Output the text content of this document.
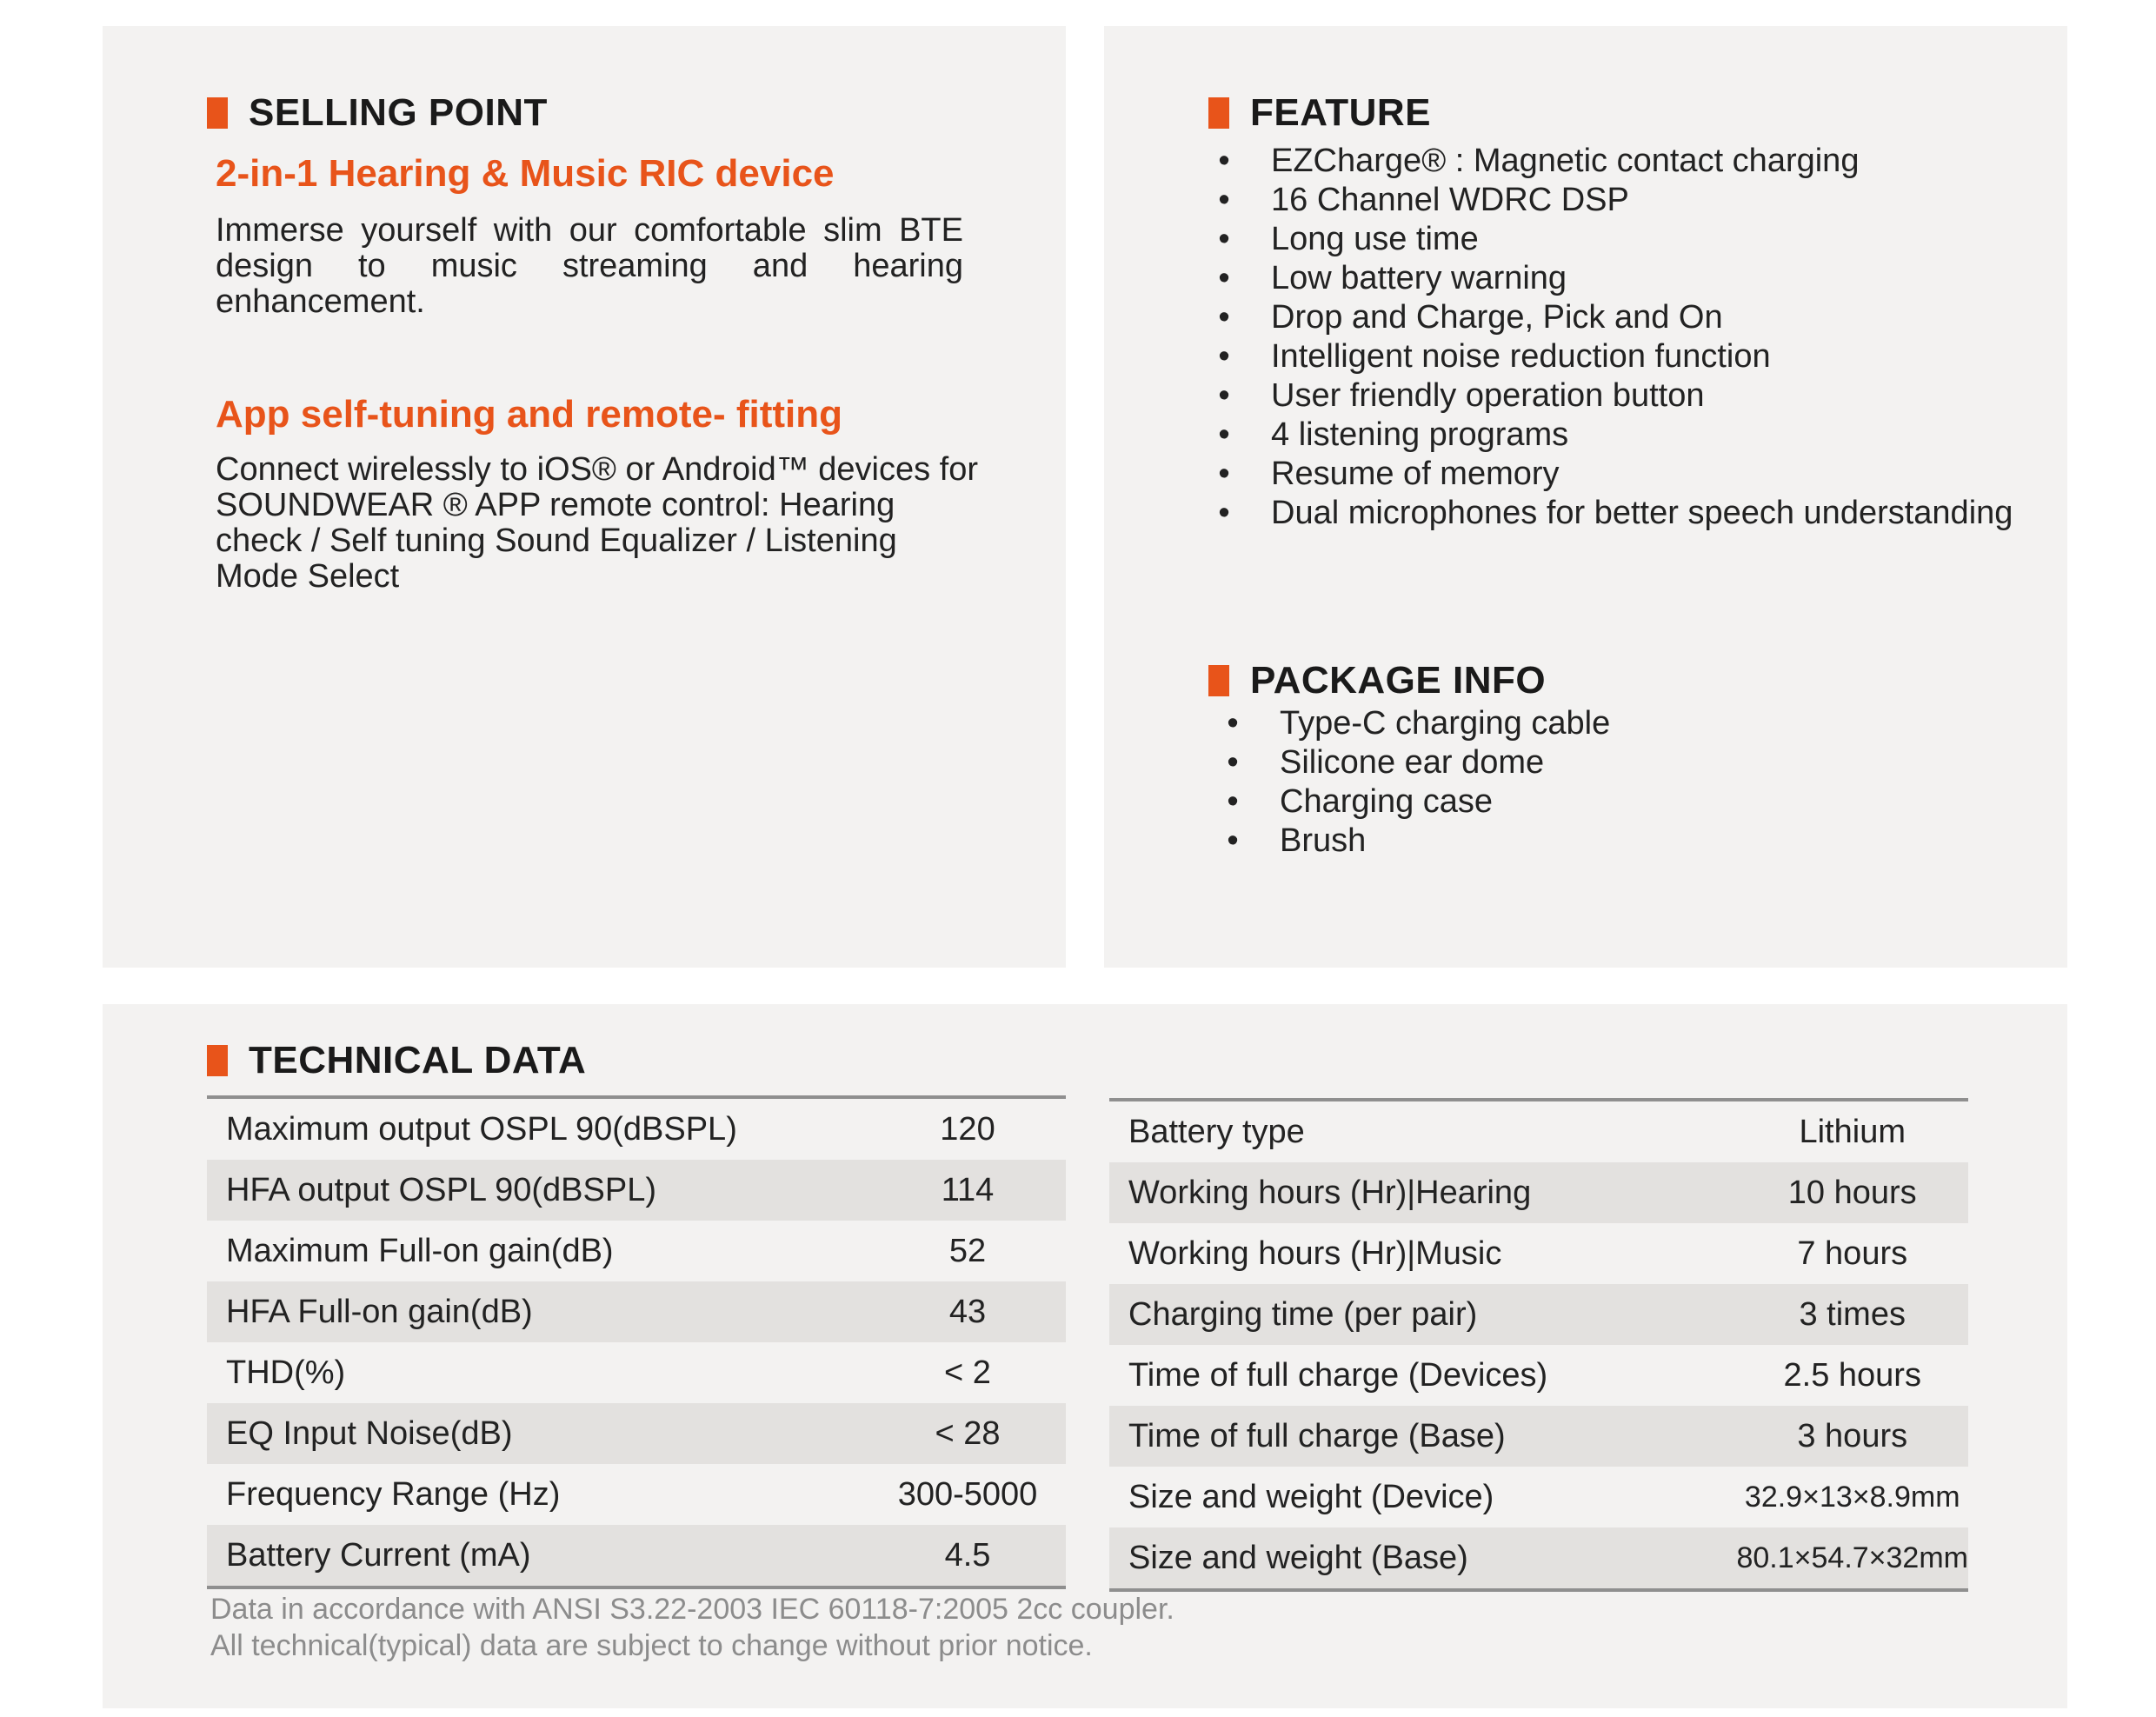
SELLING POINT
2-in-1 Hearing & Music RIC device
Immerse yourself with our comfortable slim BTE design to music streaming and hearing enhancement.
App self-tuning and remote- fitting
Connect wirelessly to iOS® or Android™ devices for SOUNDWEAR ® APP remote control: Hearing check / Self tuning Sound Equalizer / Listening Mode Select
FEATURE
• EZCharge® : Magnetic contact charging
• 16 Channel WDRC DSP
• Long use time
• Low battery warning
• Drop and Charge, Pick and On
• Intelligent noise reduction function
• User friendly operation button
• 4 listening programs
• Resume of memory
• Dual microphones for better speech understanding
PACKAGE INFO
• Type-C charging cable
• Silicone ear dome
• Charging case
• Brush
TECHNICAL DATA
Maximum output OSPL 90(dBSPL)	120
HFA output OSPL 90(dBSPL)	114
Maximum Full-on gain(dB)	52
HFA Full-on gain(dB)	43
THD(%)	< 2
EQ Input Noise(dB)	< 28
Frequency Range (Hz)	300-5000
Battery Current (mA)	4.5
Battery type	Lithium
Working hours (Hr)|Hearing	10 hours
Working hours (Hr)|Music	7 hours
Charging time (per pair)	3 times
Time of full charge (Devices)	2.5 hours
Time of full charge (Base)	3 hours
Size and weight (Device)	32.9×13×8.9mm
Size and weight (Base)	80.1×54.7×32mm
Data in accordance with ANSI S3.22-2003 IEC 60118-7:2005 2cc coupler.
All technical(typical) data are subject to change without prior notice.
